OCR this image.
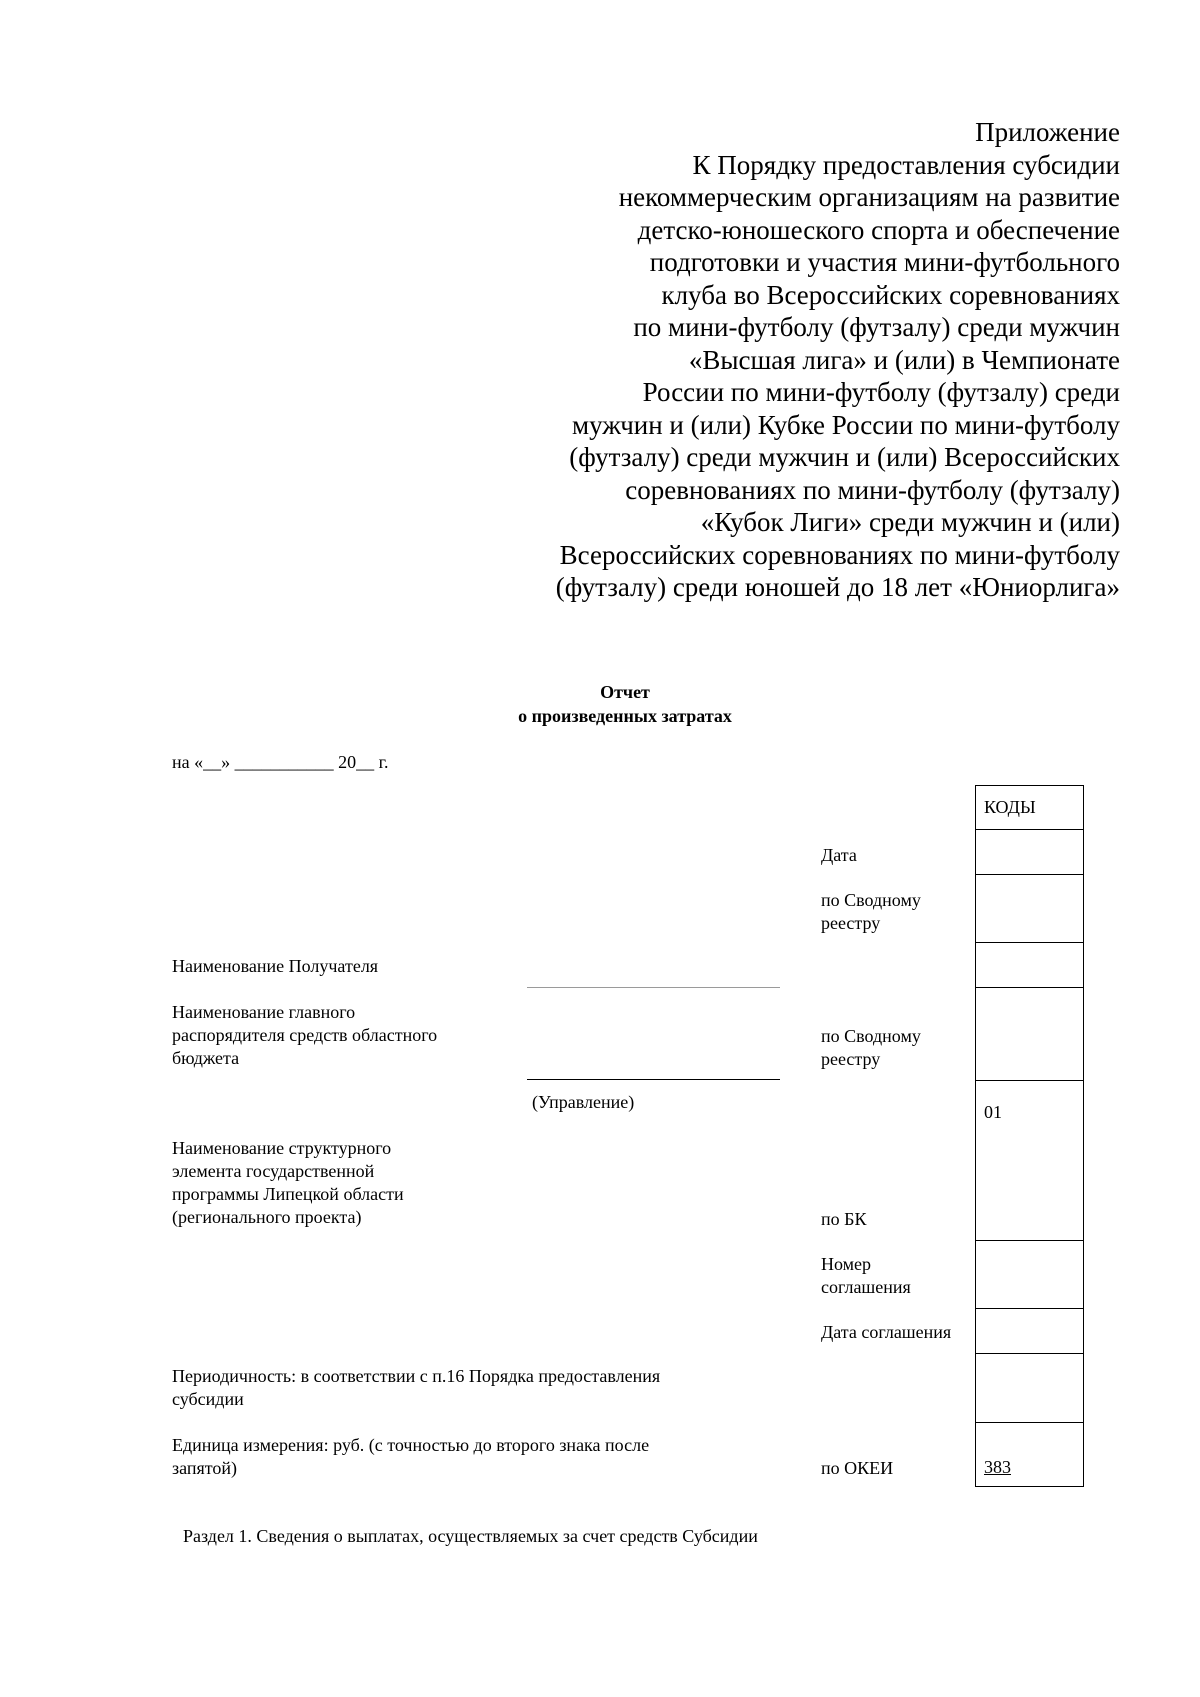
Приложение
К Порядку предоставления субсидии
некоммерческим организациям на развитие
детско-юношеского спорта и обеспечение
подготовки и участия мини-футбольного
клуба во Всероссийских соревнованиях
по мини-футболу (футзалу) среди мужчин
«Высшая лига» и (или) в Чемпионате
России по мини-футболу (футзалу) среди
мужчин и (или) Кубке России по мини-футболу
(футзалу) среди мужчин и (или) Всероссийских
соревнованиях по мини-футболу (футзалу)
«Кубок Лиги» среди мужчин и (или)
Всероссийских соревнованиях по мини-футболу
(футзалу) среди юношей до 18 лет «Юниорлига»
Отчет
о произведенных затратах
на «__» ___________ 20__ г.
КОДЫ
01
383
Дата
по Сводному
реестру
по Сводному
реестру
по БК
Номер
соглашения
Дата соглашения
по ОКЕИ
Наименование Получателя
Наименование главного
распорядителя средств областного
бюджета
(Управление)
Наименование структурного
элемента государственной
программы Липецкой области
(регионального проекта)
Периодичность: в соответствии с п.16 Порядка предоставления
субсидии
Единица измерения: руб. (с точностью до второго знака после
запятой)
Раздел 1. Сведения о выплатах, осуществляемых за счет средств Субсидии
